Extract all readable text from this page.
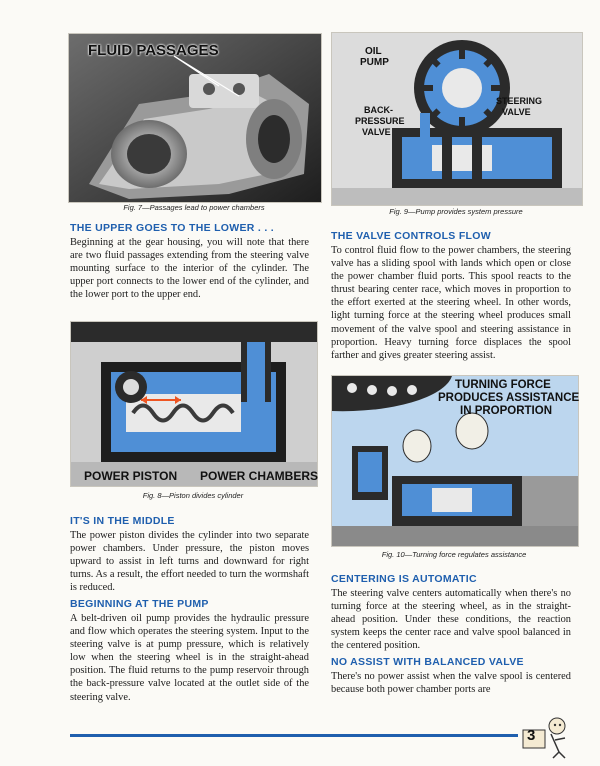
FLUID PASSAGES
Fig. 7—Passages lead to power chambers
THE UPPER GOES TO THE LOWER . . .
Beginning at the gear housing, you will note that there are two fluid passages extending from the steering valve mounting surface to the interior of the cylinder. The upper port connects to the lower end of the cylinder, and the lower port to the upper end.
POWER PISTON POWER CHAMBERS
Fig. 8—Piston divides cylinder
IT'S IN THE MIDDLE
The power piston divides the cylinder into two separate power chambers. Under pressure, the piston moves upward to assist in left turns and downward for right turns. As a result, the effort needed to turn the wormshaft is reduced.
BEGINNING AT THE PUMP
A belt-driven oil pump provides the hydraulic pressure and flow which operates the steering system. Input to the steering valve is at pump pressure, which is relatively low when the steering wheel is in the straight-ahead position. The fluid returns to the pump reservoir through the back-pressure valve located at the outlet side of the steering valve.
OIL
PUMP
BACK-
PRESSURE
VALVE
STEERING
VALVE
Fig. 9—Pump provides system pressure
THE VALVE CONTROLS FLOW
To control fluid flow to the power chambers, the steering valve has a sliding spool with lands which open or close the power chamber fluid ports. This spool reacts to the thrust bearing center race, which moves in proportion to the effort exerted at the steering wheel. In other words, light turning force at the steering wheel produces small movement of the valve spool and steering assistance in proportion. Heavy turning force displaces the spool farther and gives greater steering assist.
TURNING FORCE
PRODUCES ASSISTANCE
IN PROPORTION
Fig. 10—Turning force regulates assistance
CENTERING IS AUTOMATIC
The steering valve centers automatically when there's no turning force at the steering wheel, as in the straight-ahead position. Under these conditions, the reaction system keeps the center race and valve spool balanced in the centered position.
NO ASSIST WITH BALANCED VALVE
There's no power assist when the valve spool is centered because both power chamber ports are
3
